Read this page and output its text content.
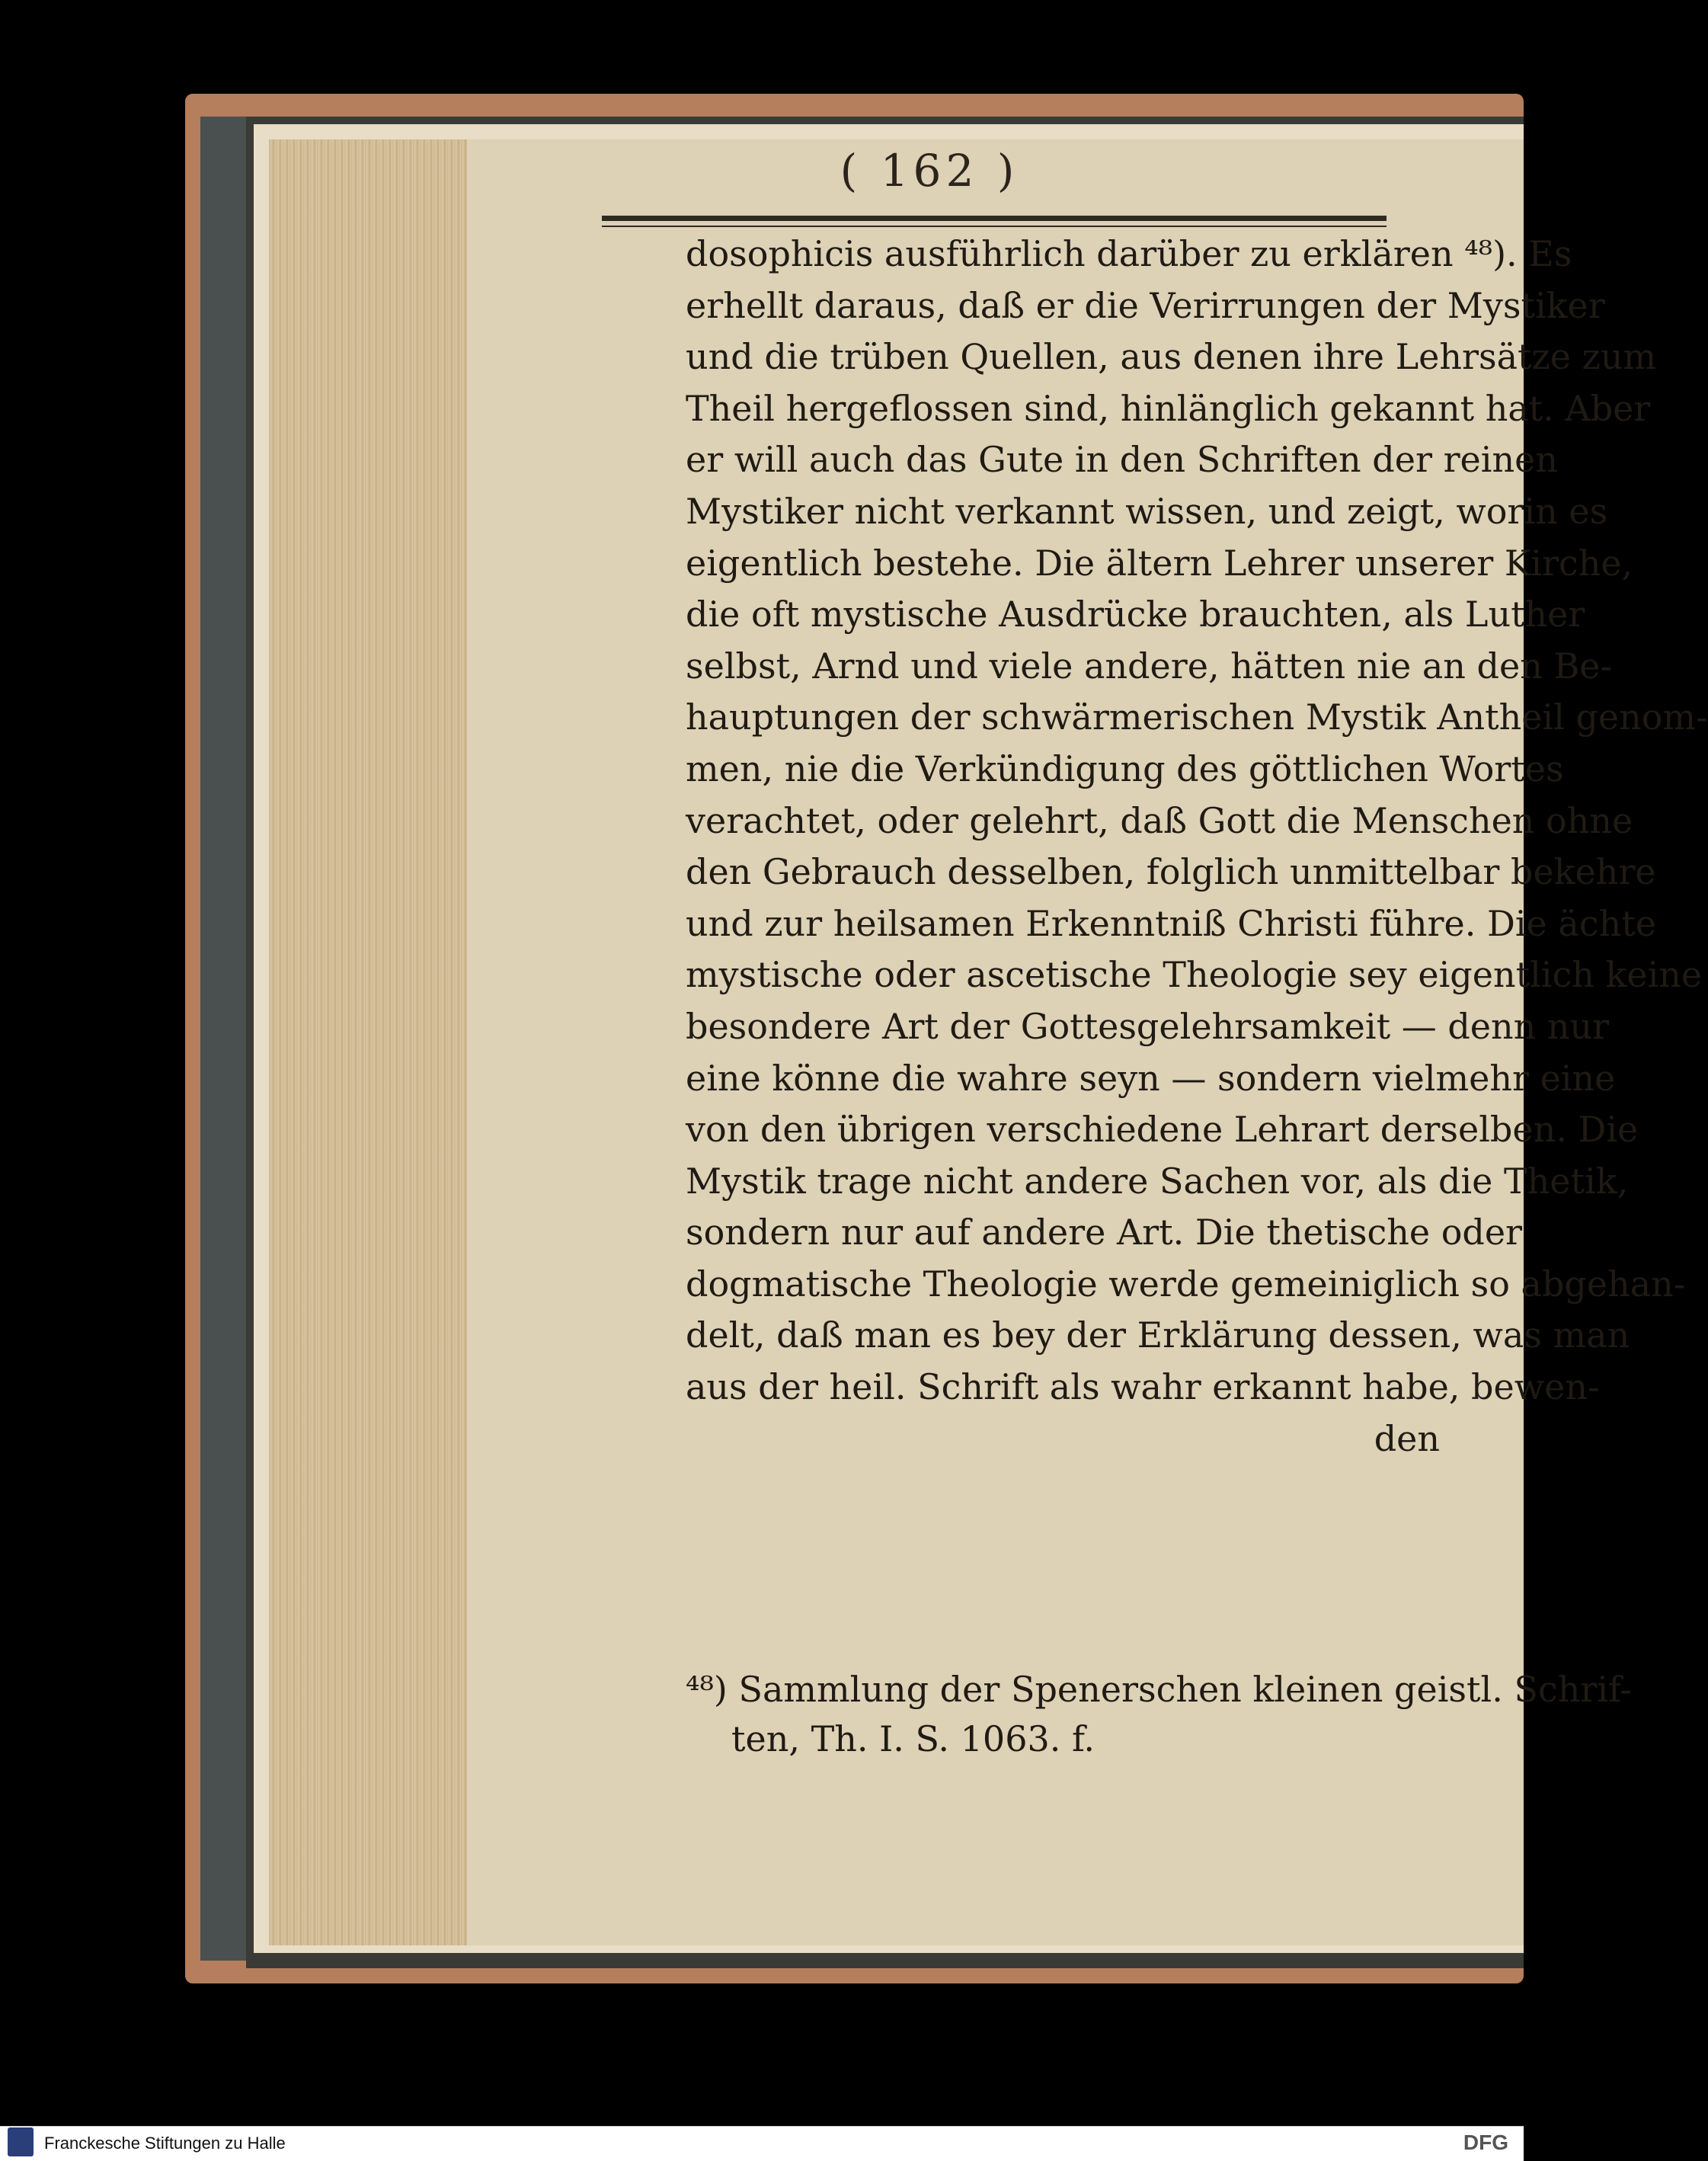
( 162 )
dosophicis ausführlich darüber zu erklären ⁴⁸). Es
erhellt daraus, daß er die Verirrungen der Mystiker
und die trüben Quellen, aus denen ihre Lehrsätze zum
Theil hergeflossen sind, hinlänglich gekannt hat. Aber
er will auch das Gute in den Schriften der reinen
Mystiker nicht verkannt wissen, und zeigt, worin es
eigentlich bestehe. Die ältern Lehrer unserer Kirche,
die oft mystische Ausdrücke brauchten, als Luther
selbst, Arnd und viele andere, hätten nie an den Be-
hauptungen der schwärmerischen Mystik Antheil genom-
men, nie die Verkündigung des göttlichen Wortes
verachtet, oder gelehrt, daß Gott die Menschen ohne
den Gebrauch desselben, folglich unmittelbar bekehre
und zur heilsamen Erkenntniß Christi führe. Die ächte
mystische oder ascetische Theologie sey eigentlich keine
besondere Art der Gottesgelehrsamkeit — denn nur
eine könne die wahre seyn — sondern vielmehr eine
von den übrigen verschiedene Lehrart derselben. Die
Mystik trage nicht andere Sachen vor, als die Thetik,
sondern nur auf andere Art. Die thetische oder
dogmatische Theologie werde gemeiniglich so abgehan-
delt, daß man es bey der Erklärung dessen, was man
aus der heil. Schrift als wahr erkannt habe, bewen-
den
⁴⁸) Sammlung der Spenerschen kleinen geistl. Schrif-
ten, Th. I. S. 1063. f.
Franckesche Stiftungen zu Halle	DFG
